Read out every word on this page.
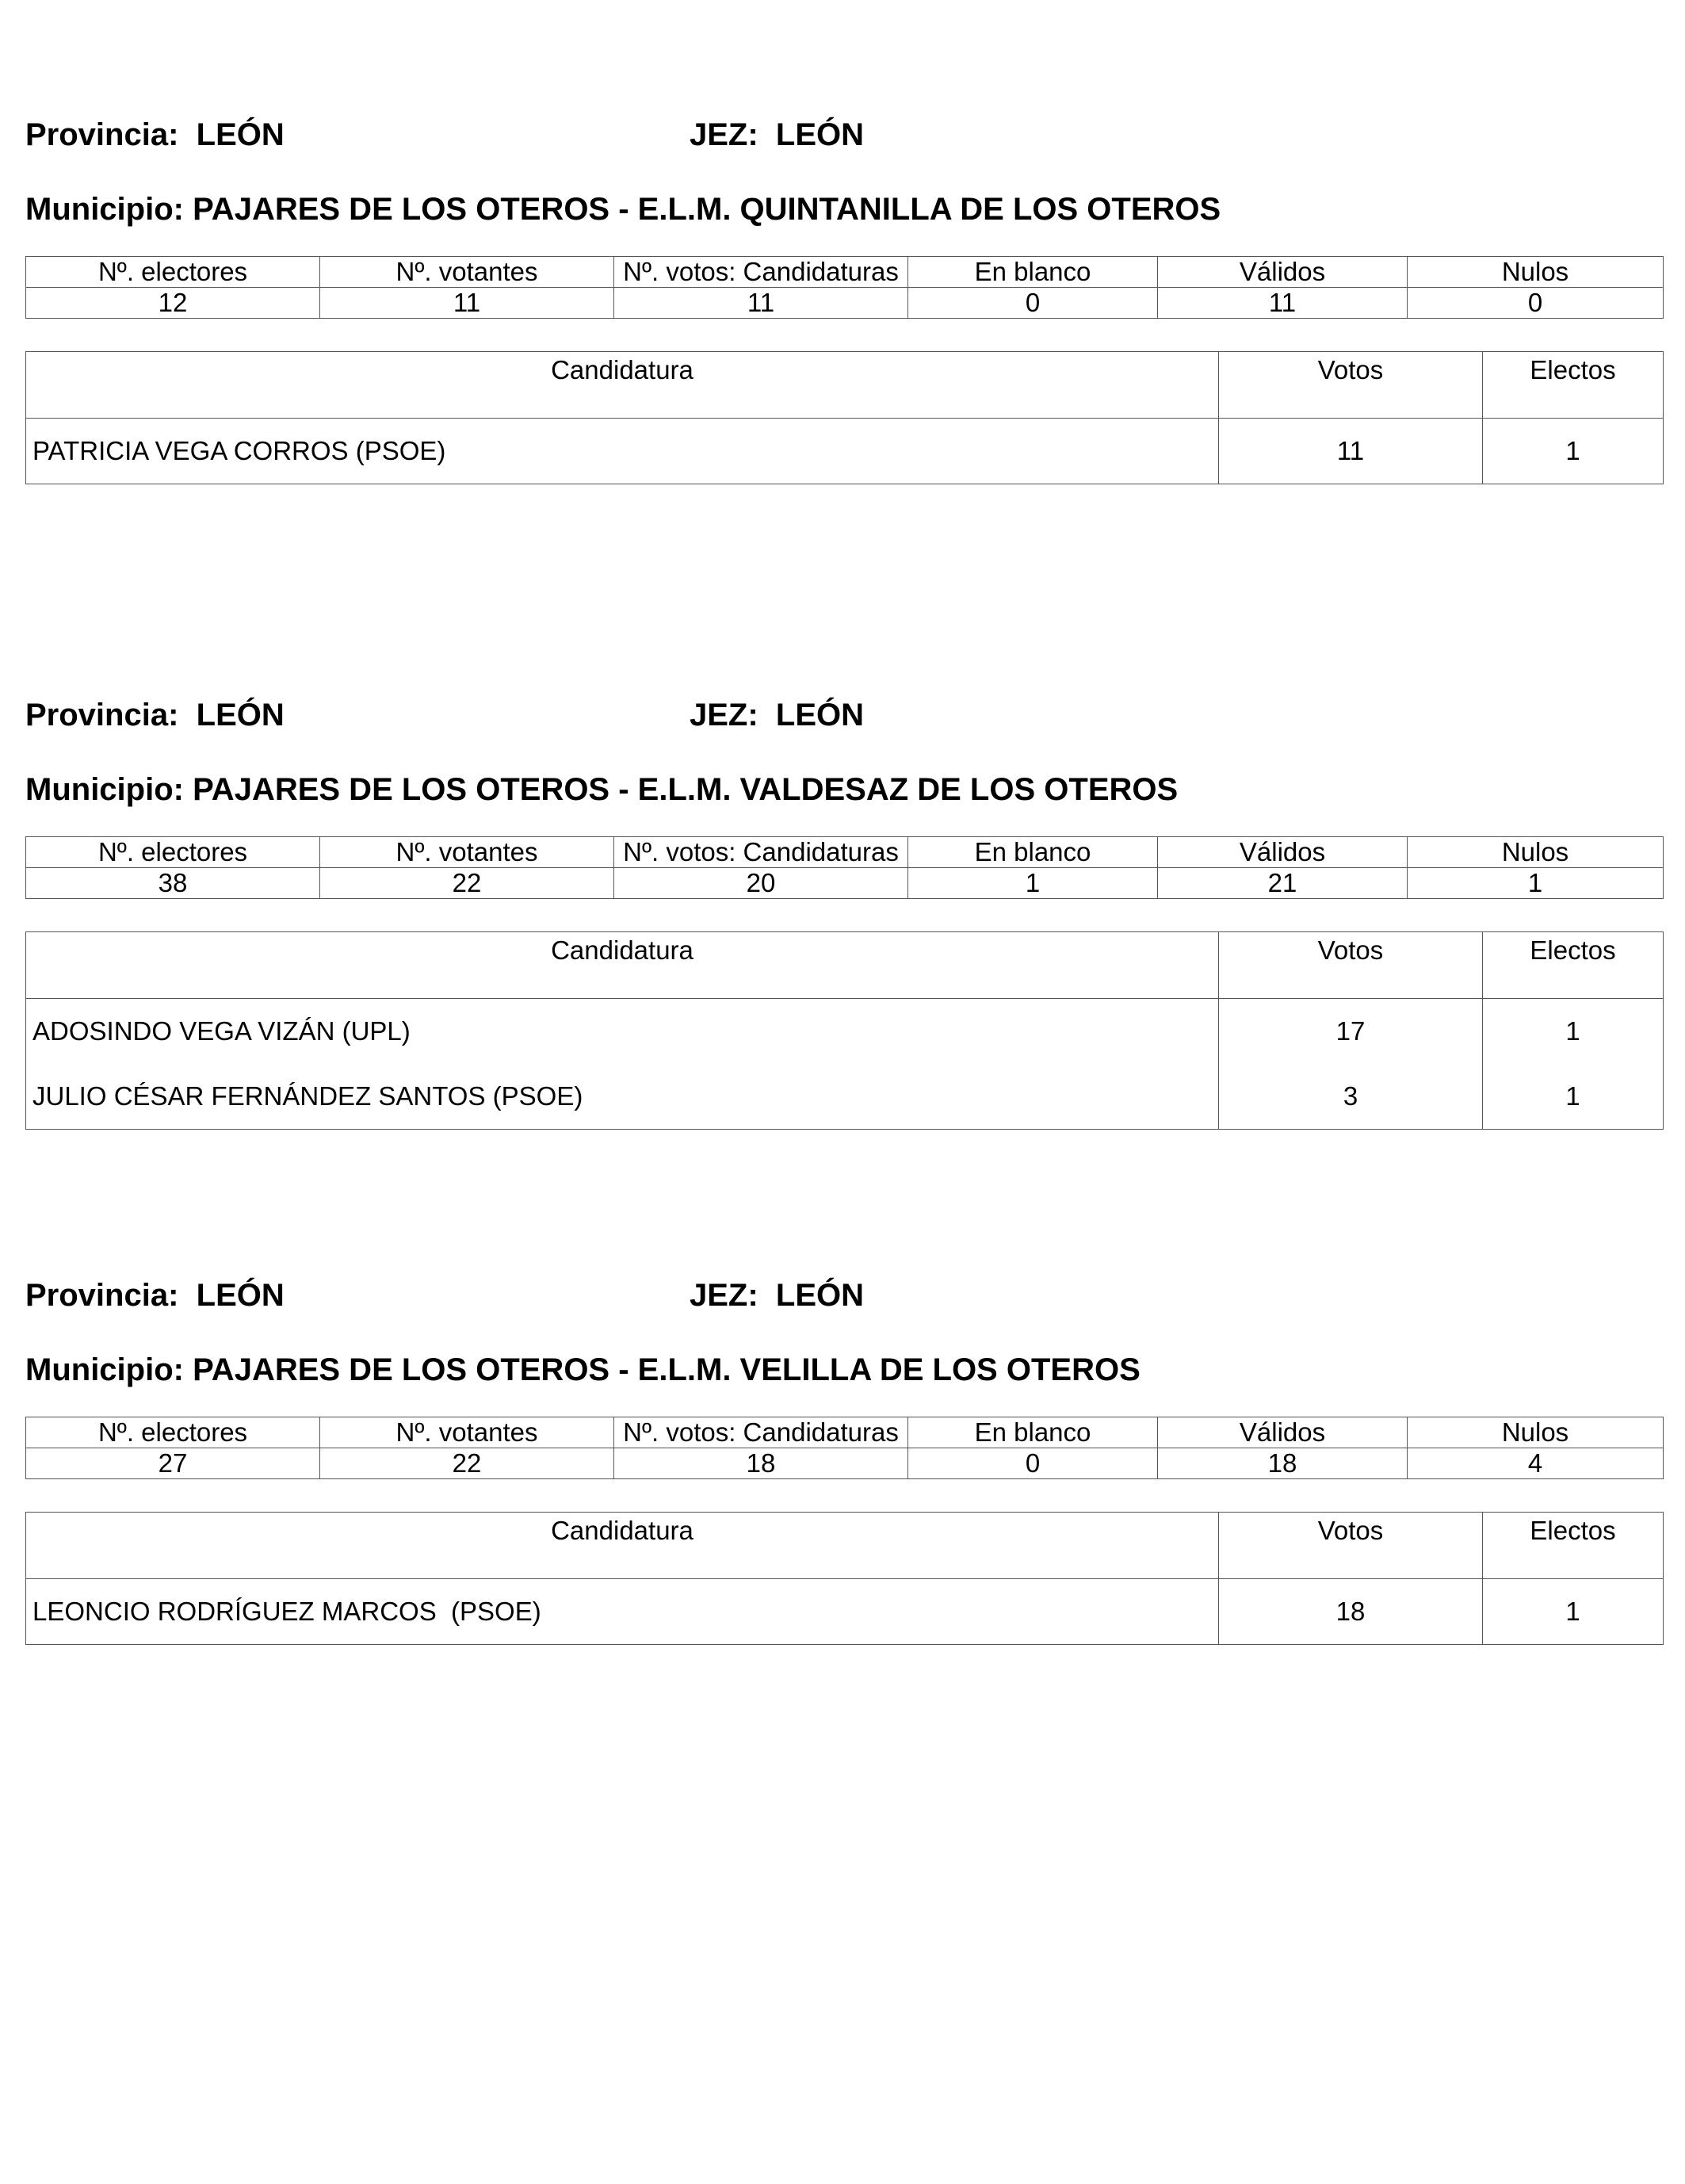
Provincia: LEÓN	JEZ: LEÓN
Municipio: PAJARES DE LOS OTEROS - E.L.M. QUINTANILLA DE LOS OTEROS
Nº. electores	Nº. votantes	Nº. votos: Candidaturas	En blanco	Válidos	Nulos
12	11	11	0	11	0
Candidatura	Votos	Electos
PATRICIA VEGA CORROS (PSOE)	11	1
Provincia: LEÓN	JEZ: LEÓN
Municipio: PAJARES DE LOS OTEROS - E.L.M. VALDESAZ DE LOS OTEROS
Nº. electores	Nº. votantes	Nº. votos: Candidaturas	En blanco	Válidos	Nulos
38	22	20	1	21	1
Candidatura	Votos	Electos
ADOSINDO VEGA VIZÁN (UPL)	17	1
JULIO CÉSAR FERNÁNDEZ SANTOS (PSOE)	3	1
Provincia: LEÓN	JEZ: LEÓN
Municipio: PAJARES DE LOS OTEROS - E.L.M. VELILLA DE LOS OTEROS
Nº. electores	Nº. votantes	Nº. votos: Candidaturas	En blanco	Válidos	Nulos
27	22	18	0	18	4
Candidatura	Votos	Electos
LEONCIO RODRÍGUEZ MARCOS  (PSOE)	18	1
